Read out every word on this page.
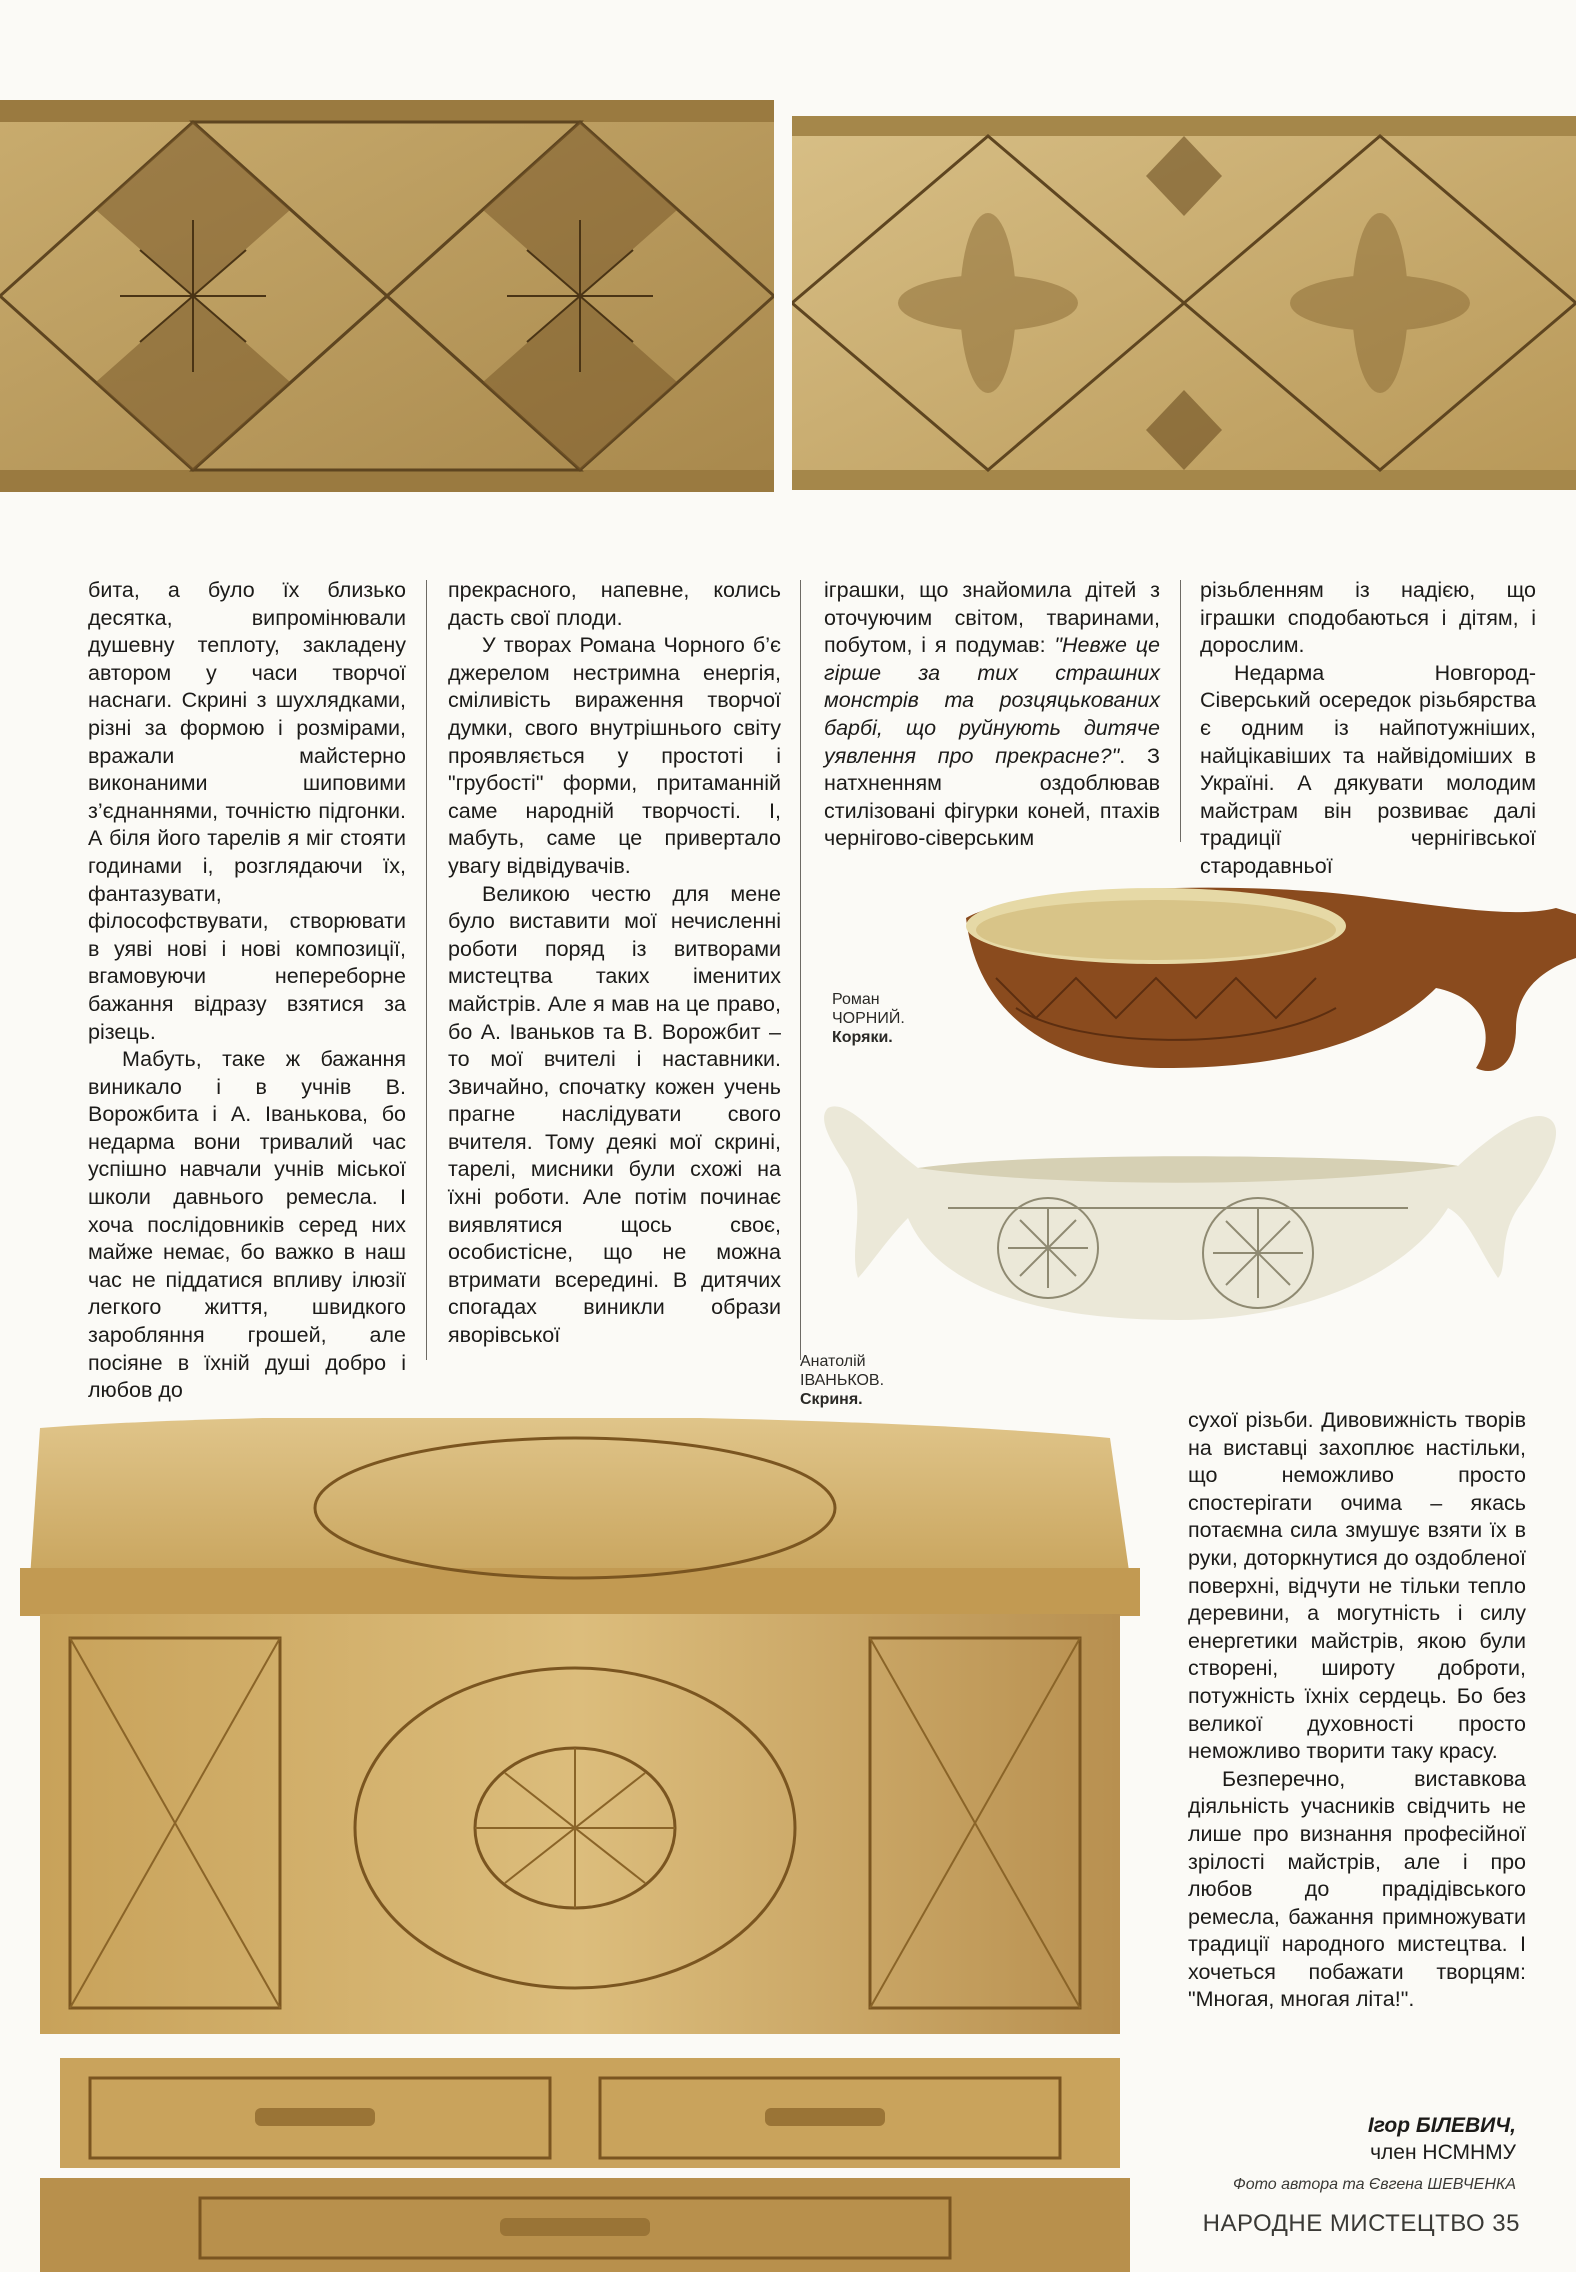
бита, а було їх близько десятка, випромінювали душевну теплоту, закладену автором у часи творчої наснаги. Скрині з шухлядками, різні за формою і розмірами, вражали майстерно виконаними шиповими з’єднаннями, точністю підгонки. А біля його тарелів я міг стояти годинами і, розглядаючи їх, фантазувати, філософствувати, створювати в уяві нові і нові композиції, вгамовуючи непереборне бажання відразу взятися за різець.

Мабуть, таке ж бажання виникало і в учнів В. Ворожбита і А. Іванькова, бо недарма вони тривалий час успішно навчали учнів міської школи давнього ремесла. І хоча послідовників серед них майже немає, бо важко в наш час не піддатися впливу ілюзії легкого життя, швидкого заробляння грошей, але посіяне в їхній душі добро і любов до

прекрасного, напевне, колись дасть свої плоди.

У творах Романа Чорного б’є джерелом нестримна енергія, сміливість вираження творчої думки, свого внутрішнього світу проявляється у простоті і "грубості" форми, притаманній саме народній творчості. І, мабуть, саме це привертало увагу відвідувачів.

Великою честю для мене було виставити мої нечисленні роботи поряд із витворами мистецтва таких іменитих майстрів. Але я мав на це право, бо А. Іваньков та В. Ворожбит – то мої вчителі і наставники. Звичайно, спочатку кожен учень прагне наслідувати свого вчителя. Тому деякі мої скрині, тарелі, мисники були схожі на їхні роботи. Але потім починає виявлятися щось своє, особистісне, що не можна втримати всередині. В дитячих спогадах виникли образи яворівської

іграшки, що знайомила дітей з оточуючим світом, тваринами, побутом, і я подумав: "Невже це гірше за тих страшних монстрів та розцяцькованих барбі, що руйнують дитяче уявлення про прекрасне?". З натхненням оздоблював стилізовані фігурки коней, птахів чернігово-сіверським

різьбленням із надією, що іграшки сподобаються і дітям, і дорослим.

Недарма Новгород-Сіверський осередок різьбярства є одним із найпотужніших, найцікавіших та найвідоміших в Україні. А дякувати молодим майстрам він розвиває далі традиції чернігівської стародавньої

Роман
ЧОРНИЙ.
Коряки.
Анатолій
ІВАНЬКОВ.
Скриня.

сухої різьби. Дивовижність творів на виставці захоплює настільки, що неможливо просто спостерігати очима – якась потаємна сила змушує взяти їх в руки, доторкнутися до оздобленої поверхні, відчути не тільки тепло деревини, а могутність і силу енергетики майстрів, якою були створені, широту доброти, потужність їхніх сердець. Бо без великої духовності просто неможливо творити таку красу.

Безперечно, виставкова діяльність учасників свідчить не лише про визнання професійної зрілості майстрів, але і про любов до прадідівського ремесла, бажання примножувати традиції народного мистецтва. І хочеться побажати творцям: "Многая, многая літа!".

Ігор БІЛЕВИЧ,
член НСМНМУ
Фото автора та Євгена ШЕВЧЕНКА
НАРОДНЕ МИСТЕЦТВО 35
